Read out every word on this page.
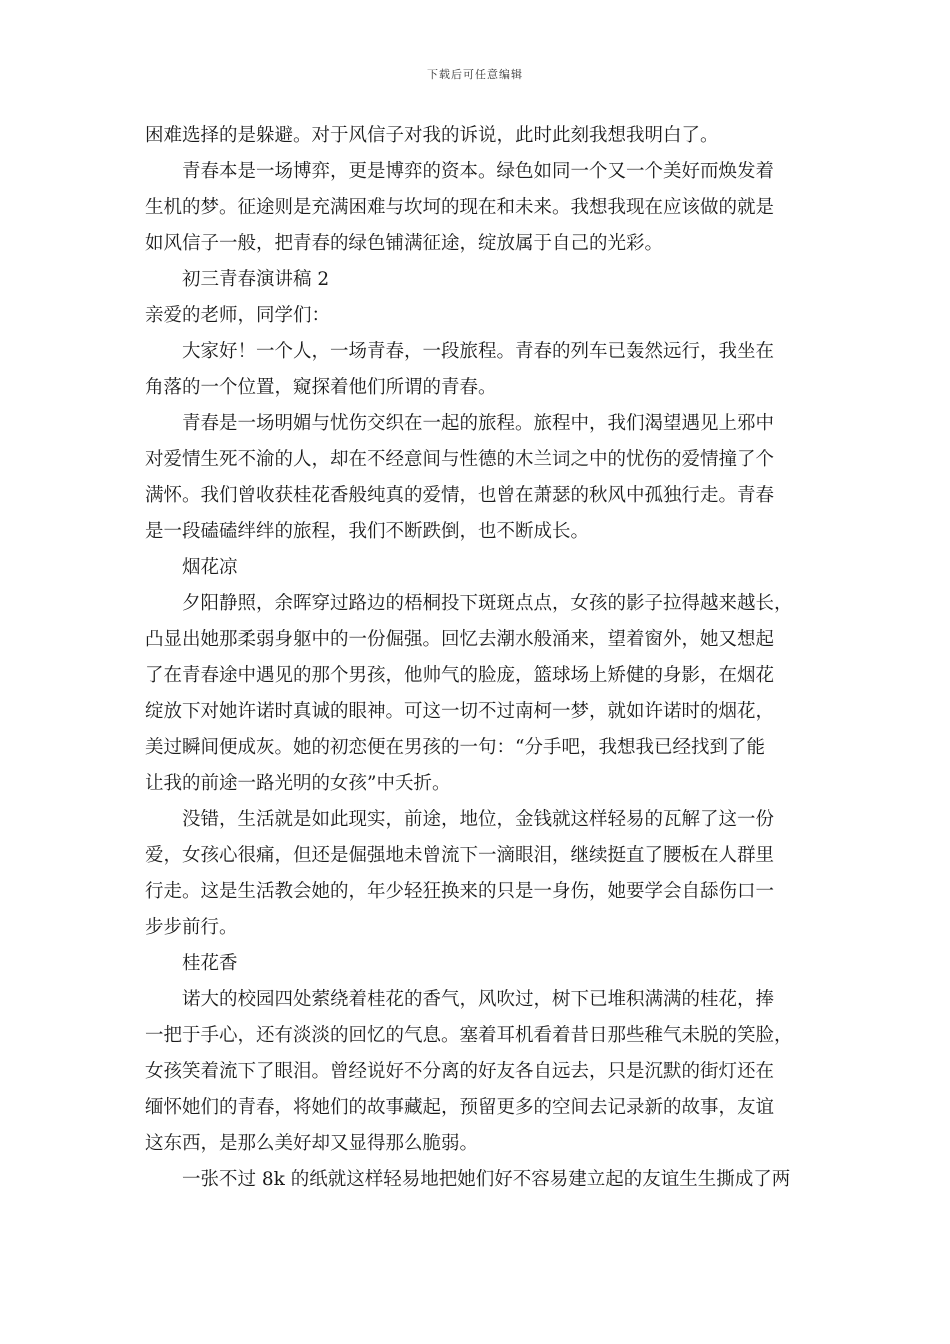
下载后可任意编辑
困难选择的是躲避。对于风信子对我的诉说，此时此刻我想我明白了。
青春本是一场博弈，更是博弈的资本。绿色如同一个又一个美好而焕发着
生机的梦。征途则是充满困难与坎坷的现在和未来。我想我现在应该做的就是
如风信子一般，把青春的绿色铺满征途，绽放属于自己的光彩。
初三青春演讲稿 2
亲爱的老师，同学们：
大家好！一个人，一场青春，一段旅程。青春的列车已轰然远行，我坐在
角落的一个位置，窥探着他们所谓的青春。
青春是一场明媚与忧伤交织在一起的旅程。旅程中，我们渴望遇见上邪中
对爱情生死不渝的人，却在不经意间与性德的木兰词之中的忧伤的爱情撞了个
满怀。我们曾收获桂花香般纯真的爱情，也曾在萧瑟的秋风中孤独行走。青春
是一段磕磕绊绊的旅程，我们不断跌倒，也不断成长。
烟花凉
夕阳静照，余晖穿过路边的梧桐投下斑斑点点，女孩的影子拉得越来越长，
凸显出她那柔弱身躯中的一份倔强。回忆去潮水般涌来，望着窗外，她又想起
了在青春途中遇见的那个男孩，他帅气的脸庞，篮球场上矫健的身影，在烟花
绽放下对她许诺时真诚的眼神。可这一切不过南柯一梦，就如许诺时的烟花，
美过瞬间便成灰。她的初恋便在男孩的一句：“分手吧，我想我已经找到了能
让我的前途一路光明的女孩”中夭折。
没错，生活就是如此现实，前途，地位，金钱就这样轻易的瓦解了这一份
爱，女孩心很痛，但还是倔强地未曾流下一滴眼泪，继续挺直了腰板在人群里
行走。这是生活教会她的，年少轻狂换来的只是一身伤，她要学会自舔伤口一
步步前行。
桂花香
诺大的校园四处萦绕着桂花的香气，风吹过，树下已堆积满满的桂花，捧
一把于手心，还有淡淡的回忆的气息。塞着耳机看着昔日那些稚气未脱的笑脸，
女孩笑着流下了眼泪。曾经说好不分离的好友各自远去，只是沉默的街灯还在
缅怀她们的青春，将她们的故事藏起，预留更多的空间去记录新的故事，友谊
这东西，是那么美好却又显得那么脆弱。
一张不过 8k 的纸就这样轻易地把她们好不容易建立起的友谊生生撕成了两
